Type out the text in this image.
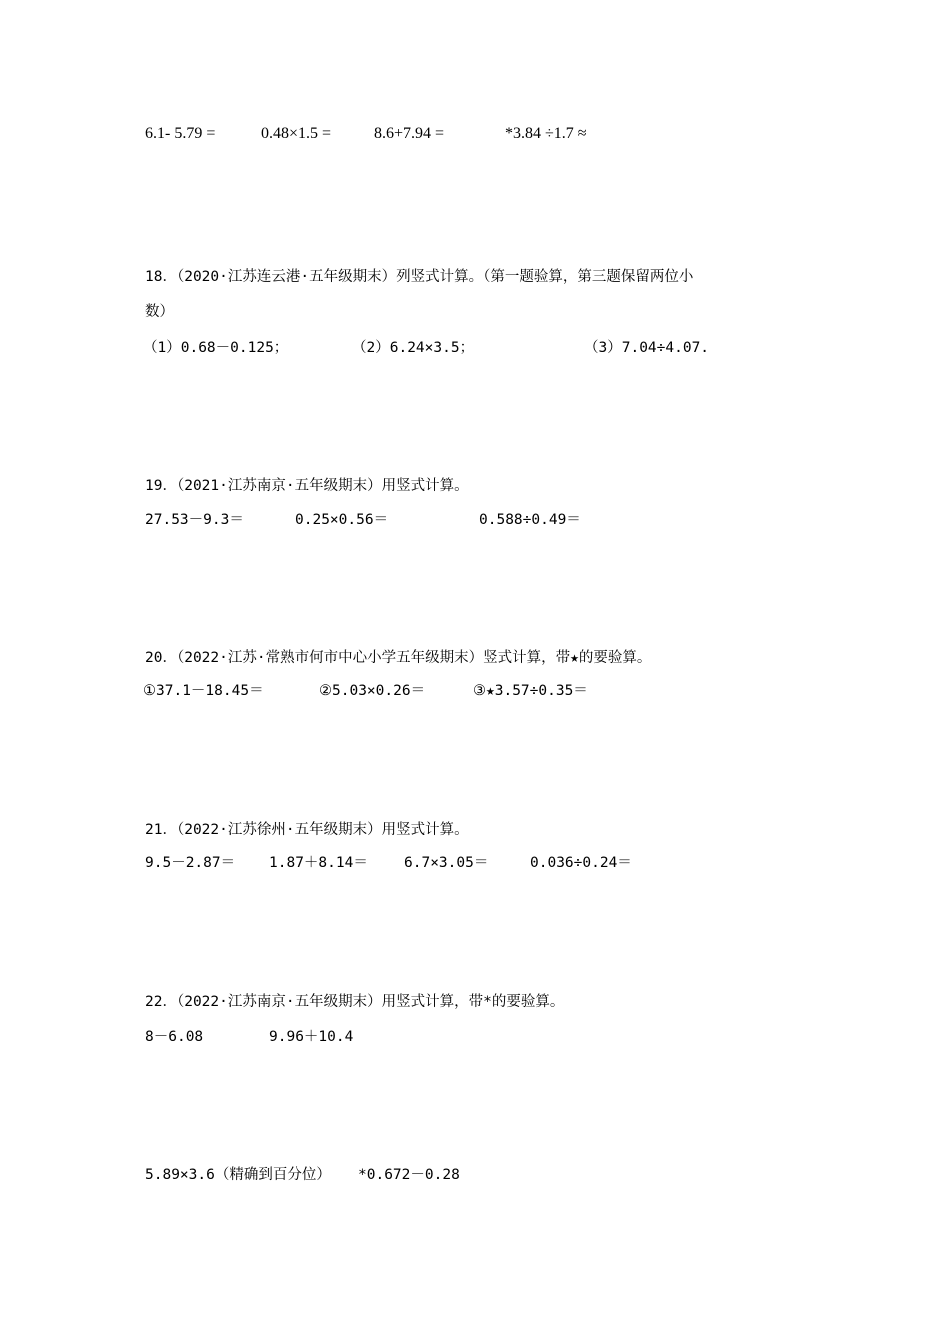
6.1- 5.79 =	0.48×1.5 =	8.6+7.94 =	*3.84 ÷1.7 ≈
18．（2020·江苏连云港·五年级期末）列竖式计算。（第一题验算，第三题保留两位小
数）
（1）0.68－0.125；	（2）6.24×3.5；	（3）7.04÷4.07.
19．（2021·江苏南京·五年级期末）用竖式计算。
27.53－9.3＝	0.25×0.56＝	0.588÷0.49＝
20．（2022·江苏·常熟市何市中心小学五年级期末）竖式计算，带★的要验算。
①37.1－18.45＝	②5.03×0.26＝	③★3.57÷0.35＝
21．（2022·江苏徐州·五年级期末）用竖式计算。
9.5－2.87＝ 1.87＋8.14＝ 6.7×3.05＝	0.036÷0.24＝
22．（2022·江苏南京·五年级期末）用竖式计算，带*的要验算。
8－6.08	9.96＋10.4
5.89×3.6（精确到百分位） *0.672－0.28
